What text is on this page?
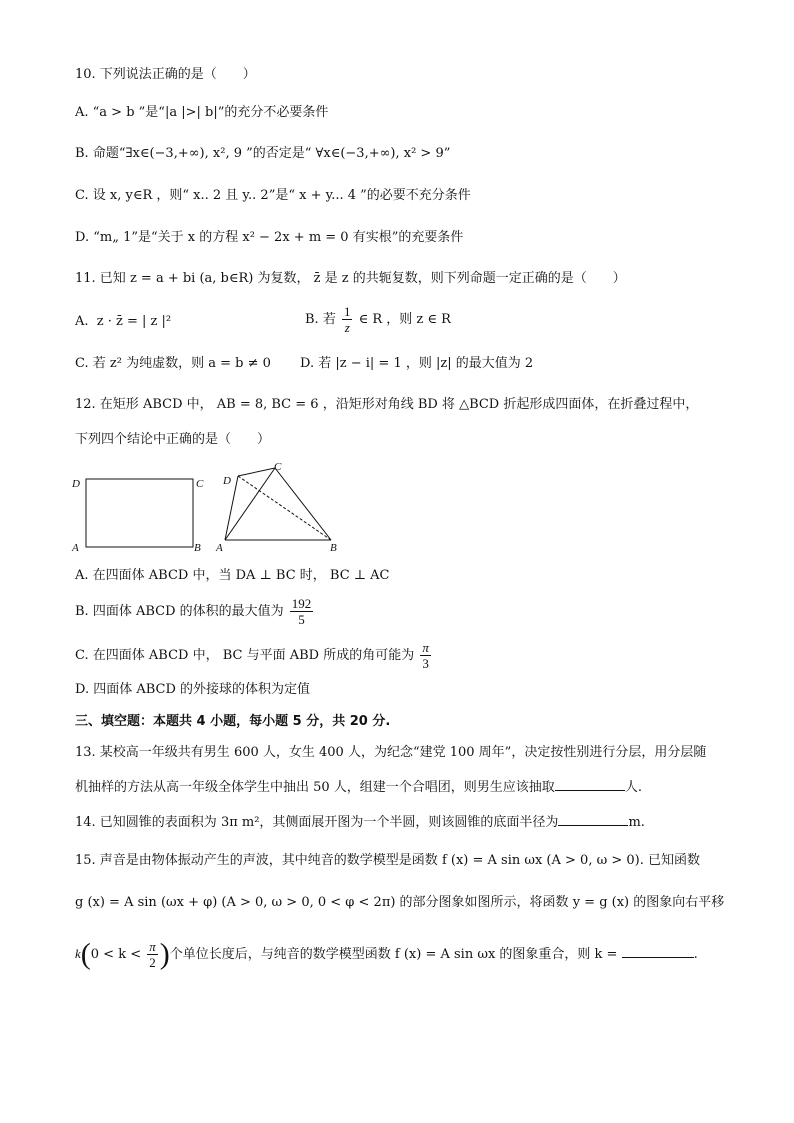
10. 下列说法正确的是（　　）
A. “a > b ”是“|a |>| b|”的充分不必要条件
B. 命题“∃x∈(−3,+∞), x², 9 ”的否定是“ ∀x∈(−3,+∞), x² > 9”
C. 设 x, y∈R ，则“ x.. 2 且 y.. 2”是“ x + y... 4 ”的必要不充分条件
D. “m„ 1”是“关于 x 的方程 x² − 2x + m = 0 有实根”的充要条件
11. 已知 z = a + bi (a, b∈R) 为复数， z̄ 是 z 的共轭复数，则下列命题一定正确的是（　　）
A.  z · z̄ = | z |²	B. 若 $\frac{1}{z}$ ∈ R ，则 z ∈ R
C. 若 z² 为纯虚数，则 a = b ≠ 0 D. 若 |z − i| = 1 ，则 |z| 的最大值为 2
12. 在矩形 ABCD 中， AB = 8, BC = 6 ，沿矩形对角线 BD 将 △BCD 折起形成四面体，在折叠过程中，
下列四个结论中正确的是（　　）
D	C
A	B
D
C
A	B
A. 在四面体 ABCD 中，当 DA ⊥ BC 时， BC ⊥ AC
B. 四面体 ABCD 的体积的最大值为 $\frac{192}{5}$
C. 在四面体 ABCD 中， BC 与平面 ABD 所成的角可能为 $\frac{\pi}{3}$
D. 四面体 ABCD 的外接球的体积为定值
三、填空题：本题共 4 小题，每小题 5 分，共 20 分.
13. 某校高一年级共有男生 600 人，女生 400 人，为纪念“建党 100 周年”，决定按性别进行分层，用分层随
机抽样的方法从高一年级全体学生中抽出 50 人，组建一个合唱团，则男生应该抽取	人.
14. 已知圆锥的表面积为 3π m²，其侧面展开图为一个半圆，则该圆锥的底面半径为	m.
15. 声音是由物体振动产生的声波，其中纯音的数学模型是函数 f (x) = A sin ωx (A > 0, ω > 0). 已知函数
g (x) = A sin (ωx + φ) (A > 0, ω > 0, 0 < φ < 2π) 的部分图象如图所示，将函数 y = g (x) 的图象向右平移
$k(0 < k < \frac{\pi}{2}$ )个单位长度后，与纯音的数学模型函数 f (x) = A sin ωx 的图象重合，则 k =	.
